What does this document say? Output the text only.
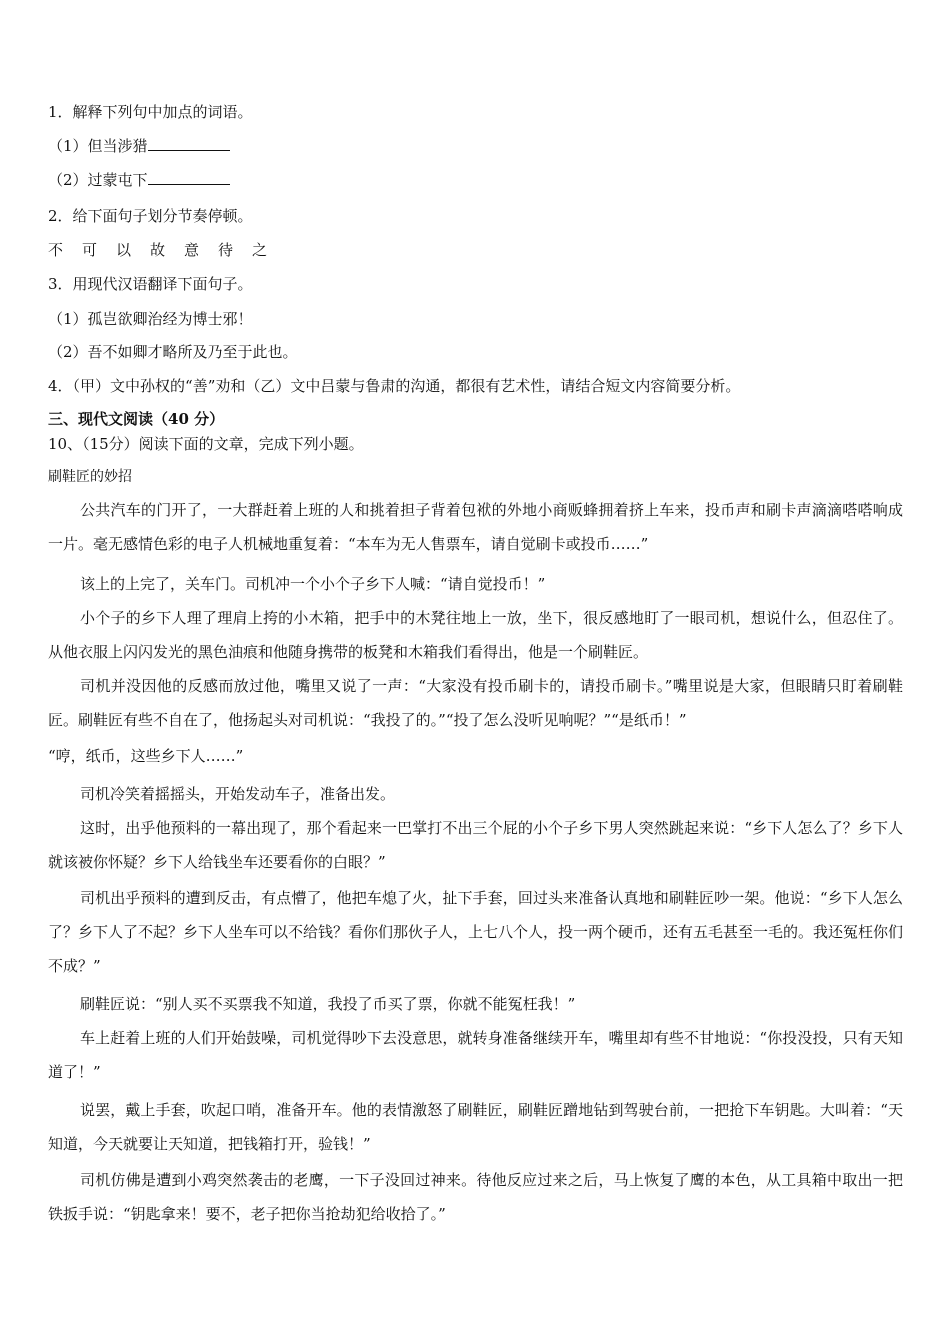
1．解释下列句中加点的词语。
（1）但当涉猎
（2）过蒙屯下
2．给下面句子划分节奏停顿。
不可以故意待之
3．用现代汉语翻译下面句子。
（1）孤岂欲卿治经为博士邪！
（2）吾不如卿才略所及乃至于此也。
4．（甲）文中孙权的“善”劝和（乙）文中吕蒙与鲁肃的沟通，都很有艺术性，请结合短文内容简要分析。
三、现代文阅读（40 分）
10、（15分）阅读下面的文章，完成下列小题。
刷鞋匠的妙招
公共汽车的门开了，一大群赶着上班的人和挑着担子背着包袱的外地小商贩蜂拥着挤上车来，投币声和刷卡声滴滴嗒嗒响成一片。毫无感情色彩的电子人机械地重复着：“本车为无人售票车，请自觉刷卡或投币……”
该上的上完了，关车门。司机冲一个小个子乡下人喊：“请自觉投币！”
小个子的乡下人理了理肩上挎的小木箱，把手中的木凳往地上一放，坐下，很反感地盯了一眼司机，想说什么，但忍住了。从他衣服上闪闪发光的黑色油痕和他随身携带的板凳和木箱我们看得出，他是一个刷鞋匠。
司机并没因他的反感而放过他，嘴里又说了一声：“大家没有投币刷卡的，请投币刷卡。”嘴里说是大家，但眼睛只盯着刷鞋匠。刷鞋匠有些不自在了，他扬起头对司机说：“我投了的。”“投了怎么没听见响呢？”“是纸币！”
“哼，纸币，这些乡下人……”
司机冷笑着摇摇头，开始发动车子，准备出发。
这时，出乎他预料的一幕出现了，那个看起来一巴掌打不出三个屁的小个子乡下男人突然跳起来说：“乡下人怎么了？乡下人就该被你怀疑？乡下人给钱坐车还要看你的白眼？”
司机出乎预料的遭到反击，有点懵了，他把车熄了火，扯下手套，回过头来准备认真地和刷鞋匠吵一架。他说：“乡下人怎么了？乡下人了不起？乡下人坐车可以不给钱？看你们那伙子人，上七八个人，投一两个硬币，还有五毛甚至一毛的。我还冤枉你们不成？”
刷鞋匠说：“别人买不买票我不知道，我投了币买了票，你就不能冤枉我！”
车上赶着上班的人们开始鼓噪，司机觉得吵下去没意思，就转身准备继续开车，嘴里却有些不甘地说：“你投没投，只有天知道了！”
说罢，戴上手套，吹起口哨，准备开车。他的表情激怒了刷鞋匠，刷鞋匠蹭地钻到驾驶台前，一把抢下车钥匙。大叫着：“天知道，今天就要让天知道，把钱箱打开，验钱！”
司机仿佛是遭到小鸡突然袭击的老鹰，一下子没回过神来。待他反应过来之后，马上恢复了鹰的本色，从工具箱中取出一把铁扳手说：“钥匙拿来！要不，老子把你当抢劫犯给收拾了。”
